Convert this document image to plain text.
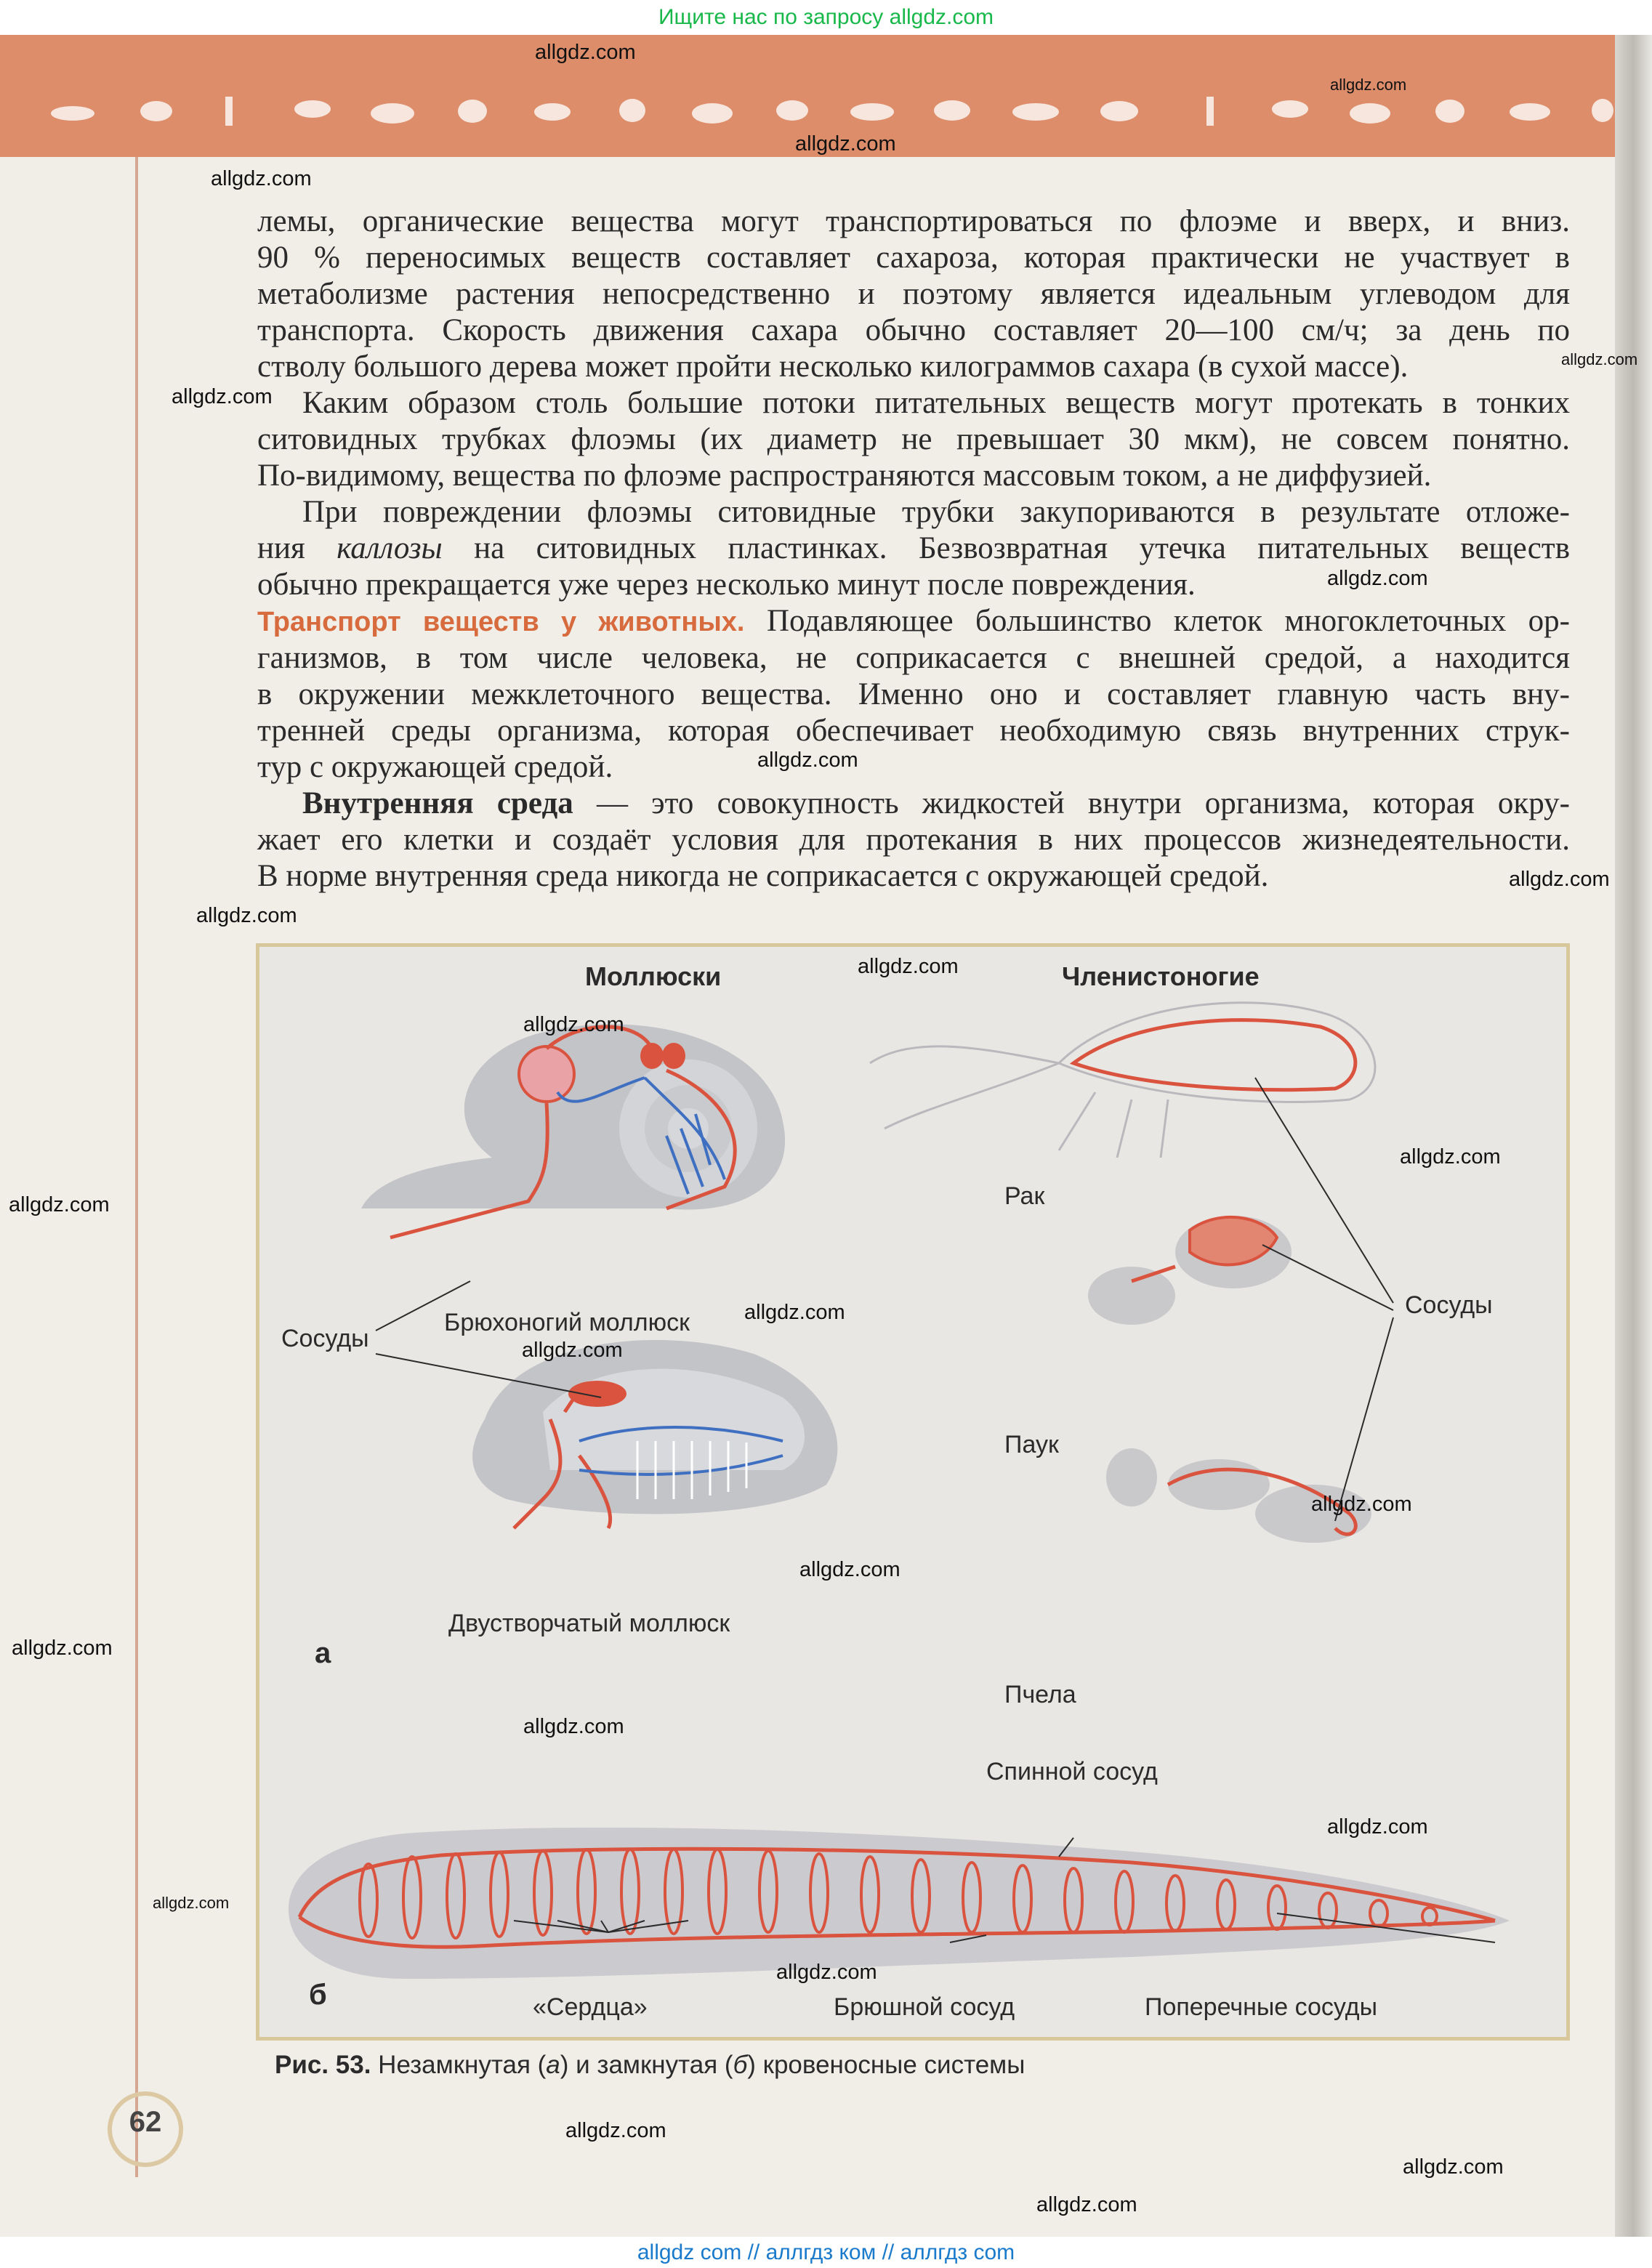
Ищите нас по запросу allgdz.com

лемы, органические вещества могут транспортироваться по флоэме и вверх, и вниз.

90 % переносимых веществ составляет сахароза, которая практически не участвует в

метаболизме растения непосредственно и поэтому является идеальным углеводом для

транспорта. Скорость движения сахара обычно составляет 20—100 см/ч; за день по

стволу большого дерева может пройти несколько килограммов сахара (в сухой массе).

Каким образом столь большие потоки питательных веществ могут протекать в тонких

ситовидных трубках флоэмы (их диаметр не превышает 30 мкм), не совсем понятно.

По-видимому, вещества по флоэме распространяются массовым током, а не диффузией.

При повреждении флоэмы ситовидные трубки закупориваются в результате отложе-

ния каллозы на ситовидных пластинках. Безвозвратная утечка питательных веществ

обычно прекращается уже через несколько минут после повреждения.

Транспорт веществ у животных. Подавляющее большинство клеток многоклеточных ор-

ганизмов, в том числе человека, не соприкасается с внешней средой, а находится

в окружении межклеточного вещества. Именно оно и составляет главную часть вну-

тренней среды организма, которая обеспечивает необходимую связь внутренних струк-

тур с окружающей средой.

Внутренняя среда — это совокупность жидкостей внутри организма, которая окру-

жает его клетки и создаёт условия для протекания в них процессов жизнедеятельности.

В норме внутренняя среда никогда не соприкасается с окружающей средой.

Моллюски	Членистоногие
Сосуды
Брюхоногий моллюск
Двустворчатый моллюск
Рак
Сосуды
Паук
Пчела
а
Спинной сосуд
б	«Сердца»	Брюшной сосуд	Поперечные сосуды
Рис. 53. Незамкнутая (а) и замкнутая (б) кровеносные системы
62
allgdz.com
allgdz.com
allgdz.com
allgdz.com
allgdz.com
allgdz.com
allgdz.com
allgdz.com
allgdz.com
allgdz.com
allgdz.com
allgdz.com
allgdz.com
allgdz.com
allgdz.com
allgdz.com
allgdz.com
allgdz.com
allgdz.com
allgdz.com
allgdz.com
allgdz.com
allgdz.com
allgdz.com
allgdz.com
allgdz.com
allgdz com // аллгдз ком // аллгдз com
